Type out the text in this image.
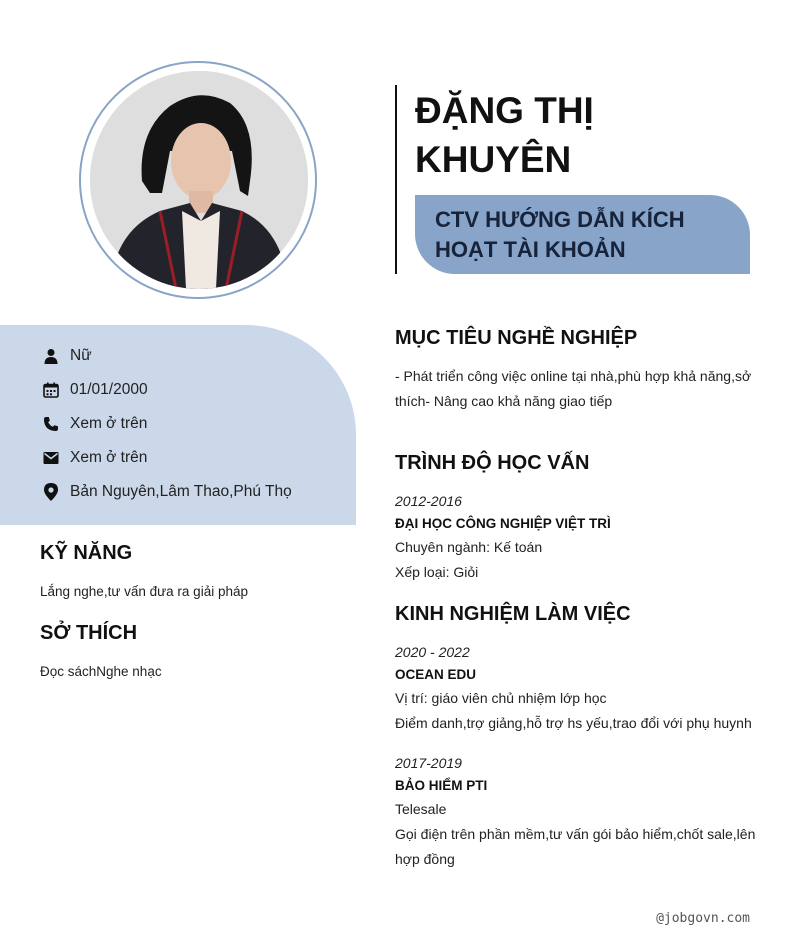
Nữ
01/01/2000
Xem ở trên
Xem ở trên
Bản Nguyên,Lâm Thao,Phú Thọ
KỸ NĂNG
Lắng nghe,tư vấn đưa ra giải pháp
SỞ THÍCH
Đọc sáchNghe nhạc
ĐẶNG THỊ KHUYÊN
CTV HƯỚNG DẪN KÍCH HOẠT TÀI KHOẢN
MỤC TIÊU NGHỀ NGHIỆP
- Phát triển công việc online tại nhà,phù hợp khả năng,sở
thích- Nâng cao khả năng giao tiếp
TRÌNH ĐỘ HỌC VẤN
2012-2016
ĐẠI HỌC CÔNG NGHIỆP VIỆT TRÌ
Chuyên ngành: Kế toán
Xếp loại: Giỏi
KINH NGHIỆM LÀM VIỆC
2020 - 2022
OCEAN EDU
Vị trí: giáo viên chủ nhiệm lớp học
Điểm danh,trợ giảng,hỗ trợ hs yếu,trao đổi với phụ huynh
2017-2019
BẢO HIỂM PTI
Telesale
Gọi điện trên phần mềm,tư vấn gói bảo hiểm,chốt sale,lên
hợp đồng
@jobgovn.com
